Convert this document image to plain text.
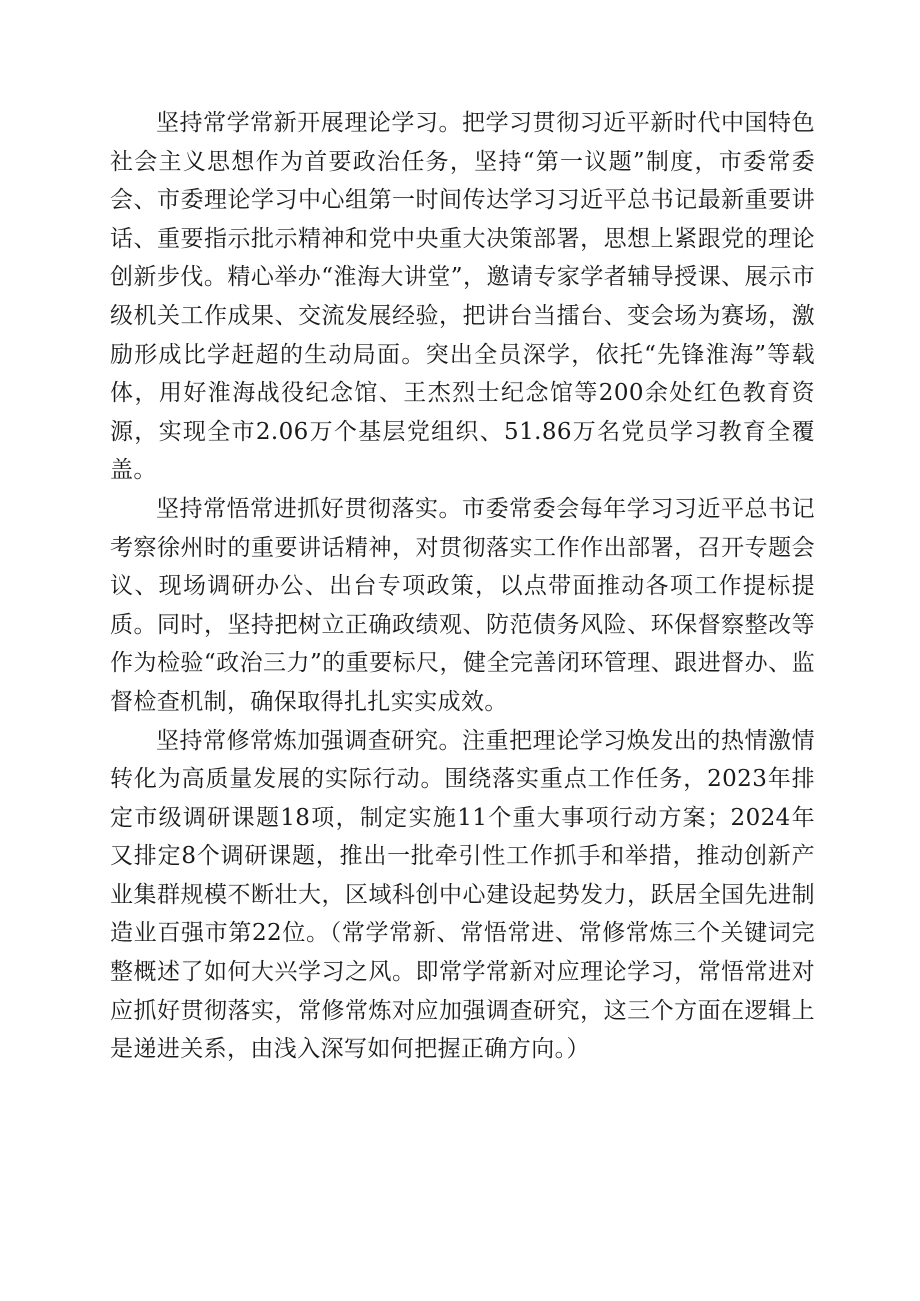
坚持常学常新开展理论学习。把学习贯彻习近平新时代中国特色社会主义思想作为首要政治任务，坚持“第一议题”制度，市委常委会、市委理论学习中心组第一时间传达学习习近平总书记最新重要讲话、重要指示批示精神和党中央重大决策部署，思想上紧跟党的理论创新步伐。精心举办“淮海大讲堂”，邀请专家学者辅导授课、展示市级机关工作成果、交流发展经验，把讲台当擂台、变会场为赛场，激励形成比学赶超的生动局面。突出全员深学，依托“先锋淮海”等载体，用好淮海战役纪念馆、王杰烈士纪念馆等200余处红色教育资源，实现全市2.06万个基层党组织、51.86万名党员学习教育全覆盖。

坚持常悟常进抓好贯彻落实。市委常委会每年学习习近平总书记考察徐州时的重要讲话精神，对贯彻落实工作作出部署，召开专题会议、现场调研办公、出台专项政策，以点带面推动各项工作提标提质。同时，坚持把树立正确政绩观、防范债务风险、环保督察整改等作为检验“政治三力”的重要标尺，健全完善闭环管理、跟进督办、监督检查机制，确保取得扎扎实实成效。

坚持常修常炼加强调查研究。注重把理论学习焕发出的热情激情转化为高质量发展的实际行动。围绕落实重点工作任务，2023年排定市级调研课题18项，制定实施11个重大事项行动方案；2024年又排定8个调研课题，推出一批牵引性工作抓手和举措，推动创新产业集群规模不断壮大，区域科创中心建设起势发力，跃居全国先进制造业百强市第22位。（常学常新、常悟常进、常修常炼三个关键词完整概述了如何大兴学习之风。即常学常新对应理论学习，常悟常进对应抓好贯彻落实，常修常炼对应加强调查研究，这三个方面在逻辑上是递进关系，由浅入深写如何把握正确方向。）
